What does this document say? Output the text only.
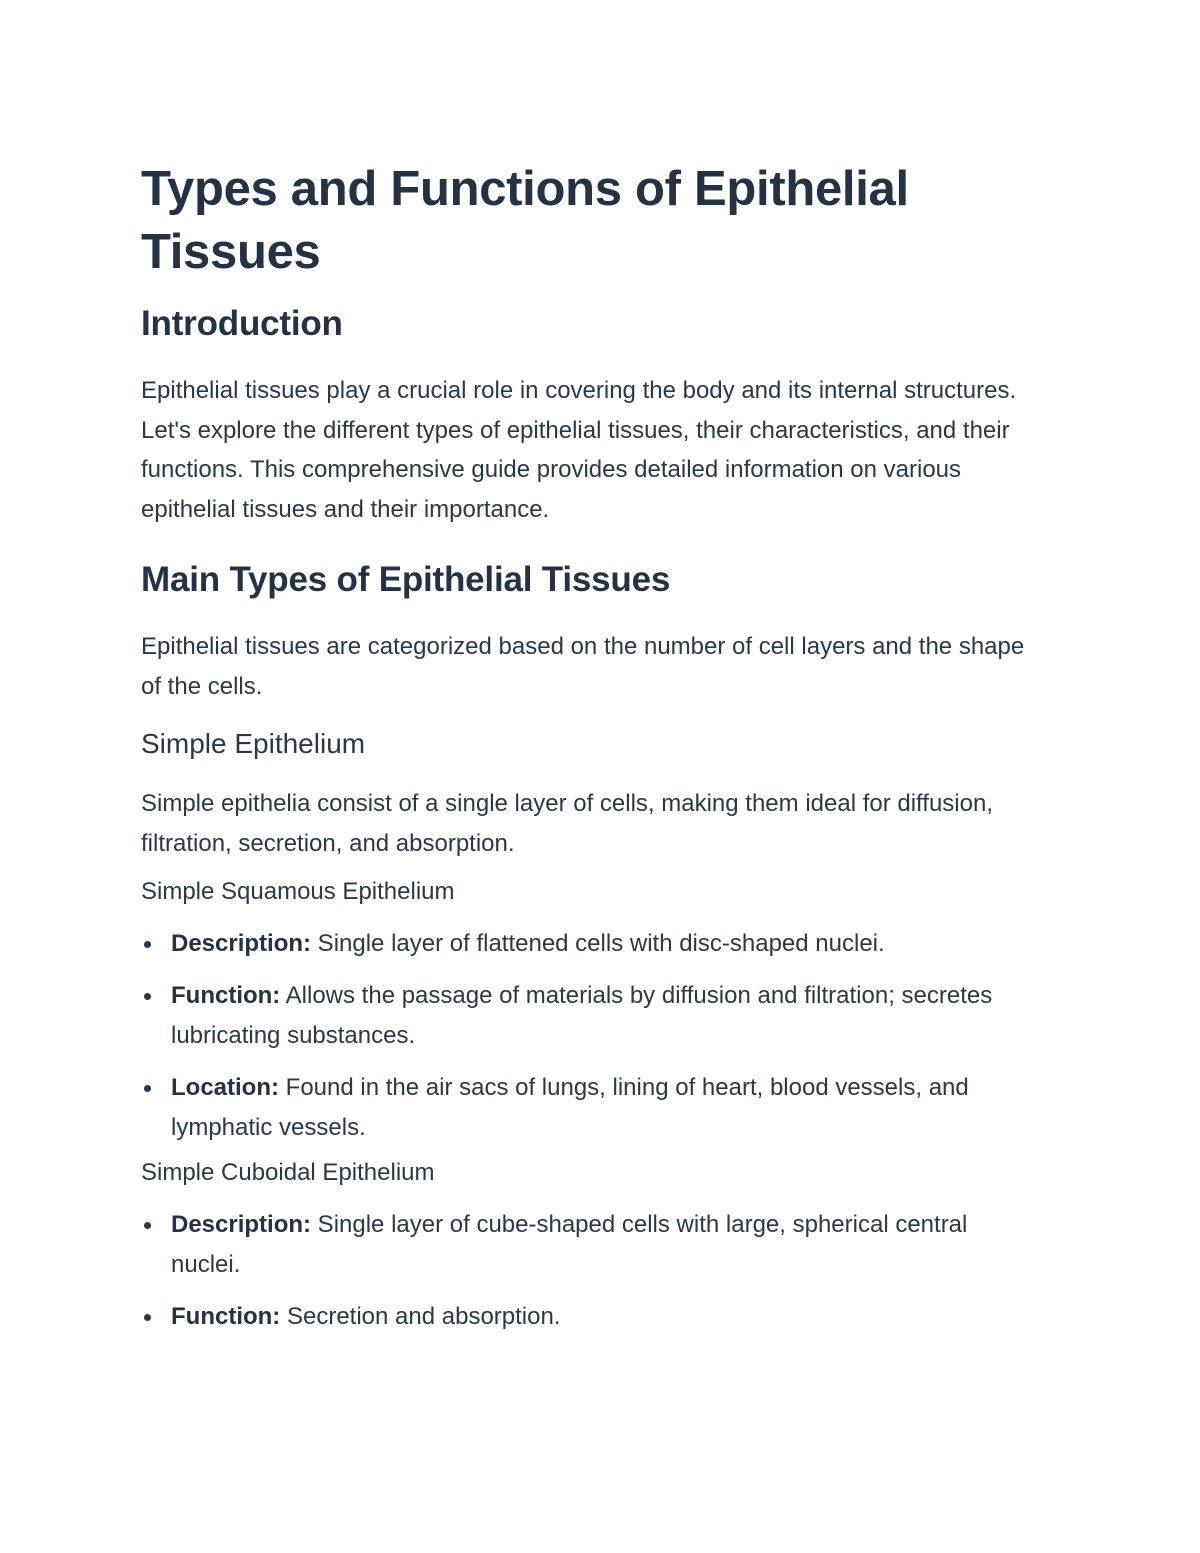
Types and Functions of Epithelial Tissues
Introduction

Epithelial tissues play a crucial role in covering the body and its internal structures. Let's explore the different types of epithelial tissues, their characteristics, and their functions. This comprehensive guide provides detailed information on various epithelial tissues and their importance.

Main Types of Epithelial Tissues

Epithelial tissues are categorized based on the number of cell layers and the shape of the cells.

Simple Epithelium

Simple epithelia consist of a single layer of cells, making them ideal for diffusion, filtration, secretion, and absorption.

Simple Squamous Epithelium
Description: Single layer of flattened cells with disc-shaped nuclei.
Function: Allows the passage of materials by diffusion and filtration; secretes lubricating substances.
Location: Found in the air sacs of lungs, lining of heart, blood vessels, and lymphatic vessels.
Simple Cuboidal Epithelium
Description: Single layer of cube-shaped cells with large, spherical central nuclei.
Function: Secretion and absorption.
